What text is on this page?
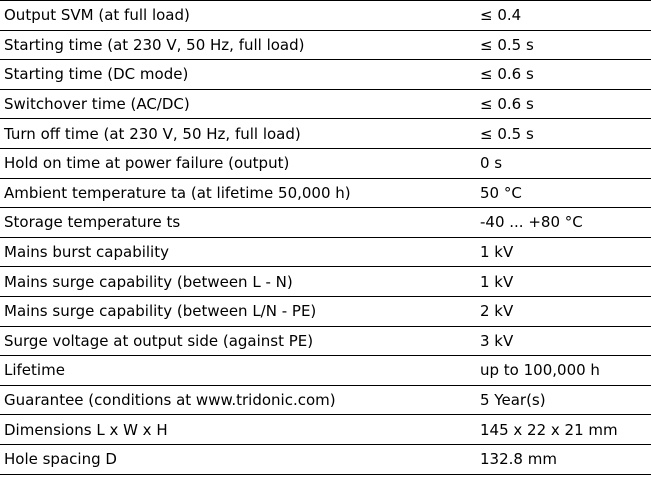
Output SVM (at full load)	≤ 0.4
Starting time (at 230 V, 50 Hz, full load)	≤ 0.5 s
Starting time (DC mode)	≤ 0.6 s
Switchover time (AC/DC)	≤ 0.6 s
Turn off time (at 230 V, 50 Hz, full load)	≤ 0.5 s
Hold on time at power failure (output)	0 s
Ambient temperature ta (at lifetime 50,000 h)	50 °C
Storage temperature ts	-40 ... +80 °C
Mains burst capability	1 kV
Mains surge capability (between L - N)	1 kV
Mains surge capability (between L/N - PE)	2 kV
Surge voltage at output side (against PE)	3 kV
Lifetime	up to 100,000 h
Guarantee (conditions at www.tridonic.com)	5 Year(s)
Dimensions L x W x H	145 x 22 x 21 mm
Hole spacing D	132.8 mm
